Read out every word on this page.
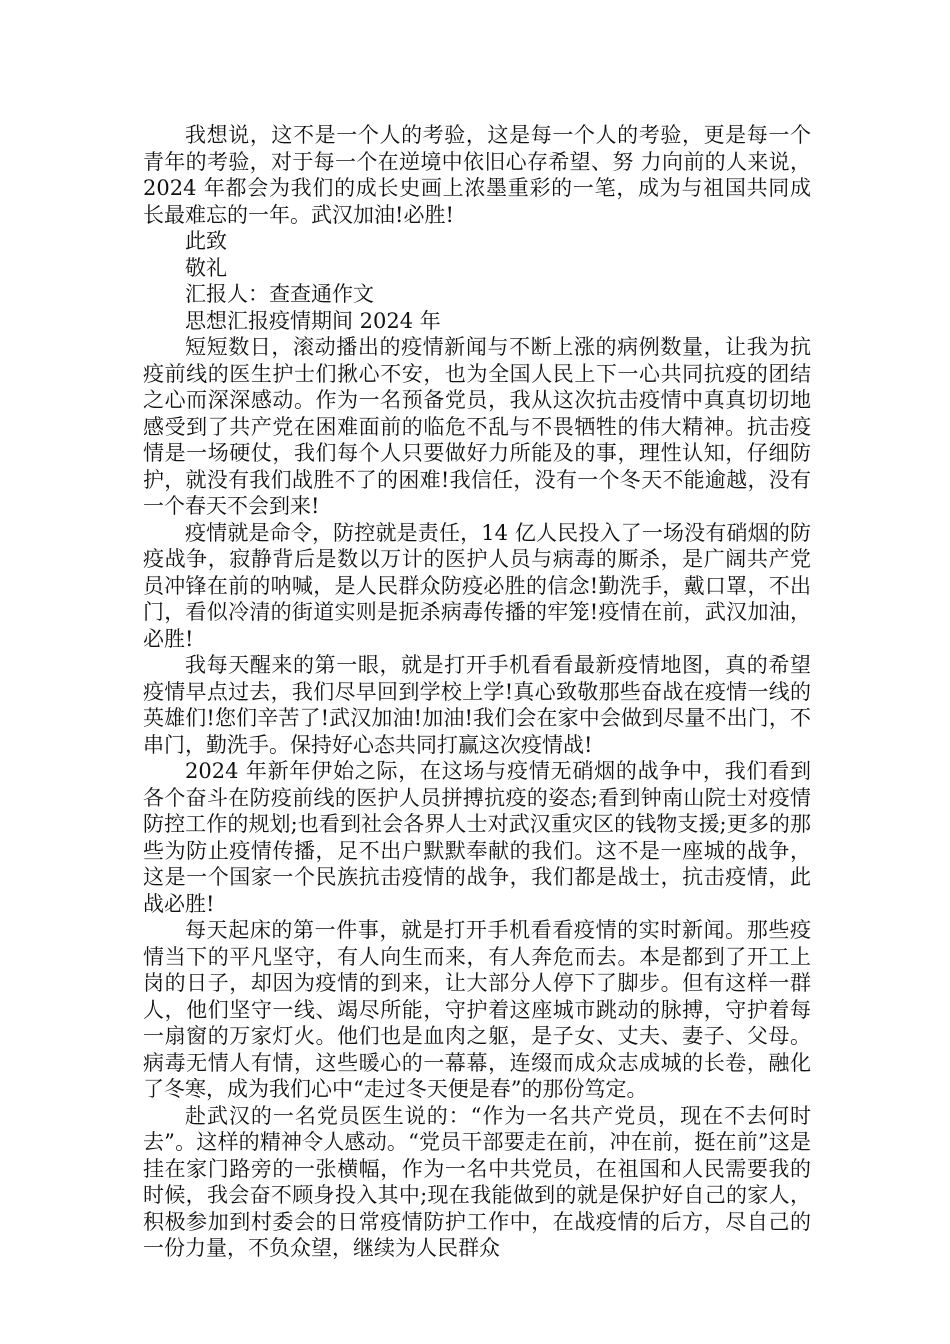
我想说，这不是一个人的考验，这是每一个人的考验，更是每一个青年的考验，对于每一个在逆境中依旧心存希望、努 力向前的人来说，2024 年都会为我们的成长史画上浓墨重彩的一笔，成为与祖国共同成长最难忘的一年。武汉加油!必胜!

此致

敬礼

汇报人：查查通作文

思想汇报疫情期间 2024 年

短短数日，滚动播出的疫情新闻与不断上涨的病例数量，让我为抗疫前线的医生护士们揪心不安，也为全国人民上下一心共同抗疫的团结之心而深深感动。作为一名预备党员，我从这次抗击疫情中真真切切地感受到了共产党在困难面前的临危不乱与不畏牺牲的伟大精神。抗击疫情是一场硬仗，我们每个人只要做好力所能及的事，理性认知，仔细防护，就没有我们战胜不了的困难!我信任，没有一个冬天不能逾越，没有一个春天不会到来!

疫情就是命令，防控就是责任，14 亿人民投入了一场没有硝烟的防疫战争，寂静背后是数以万计的医护人员与病毒的厮杀，是广阔共产党员冲锋在前的呐喊，是人民群众防疫必胜的信念!勤洗手，戴口罩，不出门，看似冷清的街道实则是扼杀病毒传播的牢笼!疫情在前，武汉加油，必胜!

我每天醒来的第一眼，就是打开手机看看最新疫情地图，真的希望疫情早点过去，我们尽早回到学校上学!真心致敬那些奋战在疫情一线的英雄们!您们辛苦了!武汉加油!加油!我们会在家中会做到尽量不出门，不串门，勤洗手。保持好心态共同打赢这次疫情战!

2024 年新年伊始之际，在这场与疫情无硝烟的战争中，我们看到各个奋斗在防疫前线的医护人员拼搏抗疫的姿态;看到钟南山院士对疫情防控工作的规划;也看到社会各界人士对武汉重灾区的钱物支援;更多的那些为防止疫情传播，足不出户默默奉献的我们。这不是一座城的战争，这是一个国家一个民族抗击疫情的战争，我们都是战士，抗击疫情，此战必胜!

每天起床的第一件事，就是打开手机看看疫情的实时新闻。那些疫情当下的平凡坚守，有人向生而来，有人奔危而去。本是都到了开工上岗的日子，却因为疫情的到来，让大部分人停下了脚步。但有这样一群人，他们坚守一线、竭尽所能，守护着这座城市跳动的脉搏，守护着每一扇窗的万家灯火。他们也是血肉之躯，是子女、丈夫、妻子、父母。病毒无情人有情，这些暖心的一幕幕，连缀而成众志成城的长卷，融化了冬寒，成为我们心中“走过冬天便是春”的那份笃定。

赴武汉的一名党员医生说的：“作为一名共产党员，现在不去何时去”。这样的精神令人感动。“党员干部要走在前，冲在前，挺在前”这是挂在家门路旁的一张横幅，作为一名中共党员，在祖国和人民需要我的时候，我会奋不顾身投入其中;现在我能做到的就是保护好自己的家人，积极参加到村委会的日常疫情防护工作中，在战疫情的后方，尽自己的一份力量，不负众望，继续为人民群众
